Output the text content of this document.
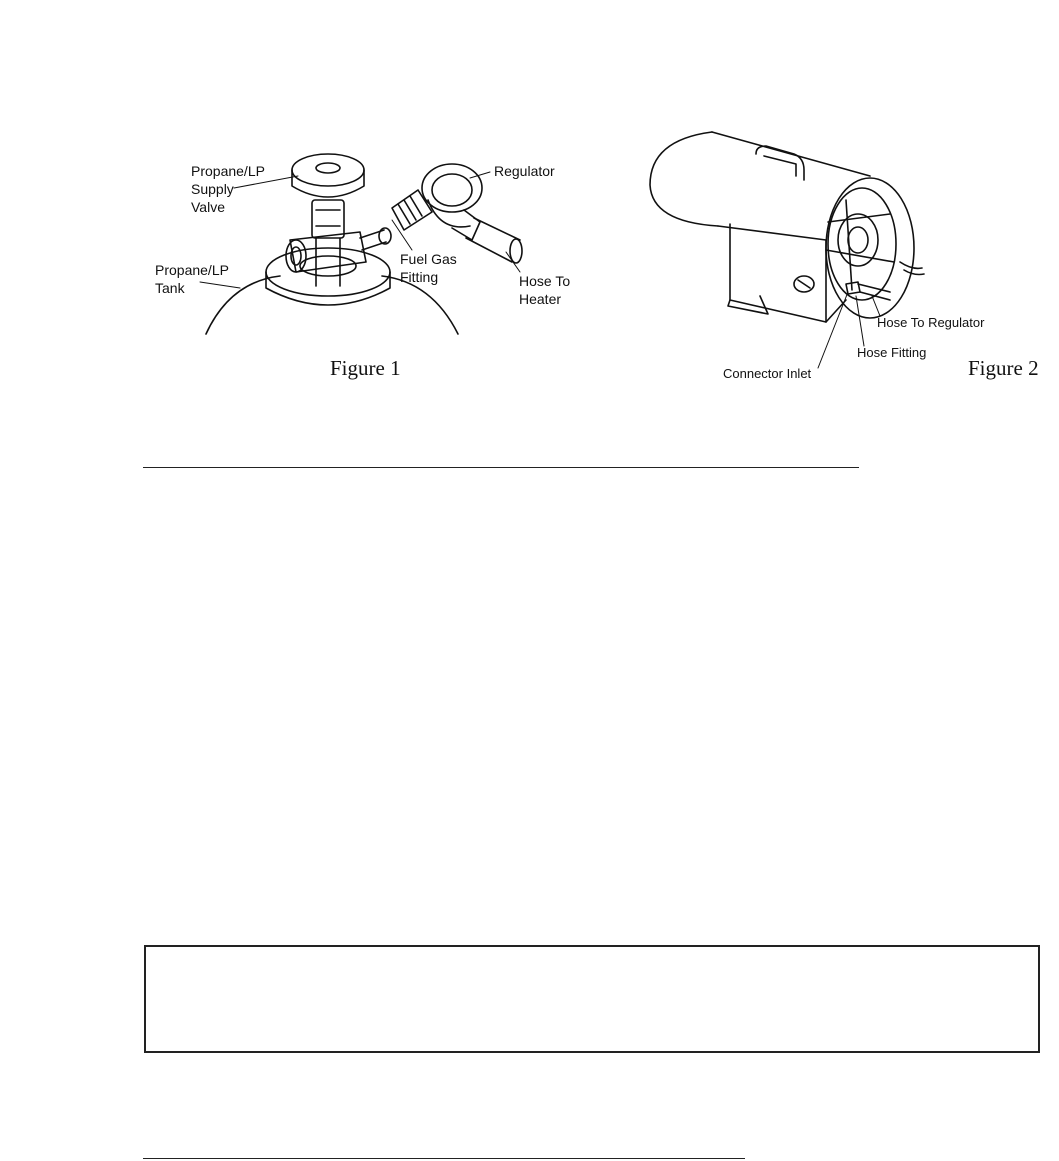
Propane/LP
Supply
Valve
Propane/LP
Tank
Regulator
Fuel Gas
Fitting	Hose To
Heater
Figure 1
Hose To Regulator
Hose Fitting
Connector Inlet	Figure 2
